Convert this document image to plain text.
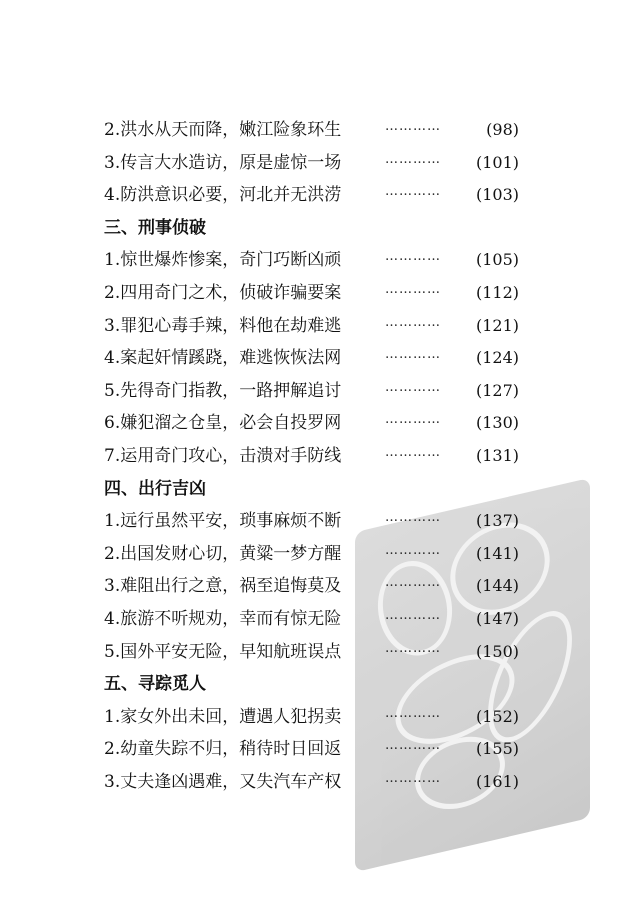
2.洪水从天而降，嫩江险象环生	…………	(98)
3.传言大水造访，原是虚惊一场	………… (101)
4.防洪意识必要，河北并无洪涝	………… (103)
三、刑事侦破
1.惊世爆炸惨案，奇门巧断凶顽	………… (105)
2.四用奇门之术，侦破诈骗要案	………… (112)
3.罪犯心毒手辣，料他在劫难逃	………… (121)
4.案起奸情蹊跷，难逃恢恢法网	………… (124)
5.先得奇门指教，一路押解追讨	………… (127)
6.嫌犯溜之仓皇，必会自投罗网	………… (130)
7.运用奇门攻心，击溃对手防线	………… (131)
四、出行吉凶
1.远行虽然平安，琐事麻烦不断	………… (137)
2.出国发财心切，黄粱一梦方醒	………… (141)
3.难阻出行之意，祸至追悔莫及	………… (144)
4.旅游不听规劝，幸而有惊无险	………… (147)
5.国外平安无险，早知航班误点	………… (150)
五、寻踪觅人
1.家女外出未回，遭遇人犯拐卖	………… (152)
2.幼童失踪不归，稍待时日回返	………… (155)
3.丈夫逢凶遇难，又失汽车产权	………… (161)
